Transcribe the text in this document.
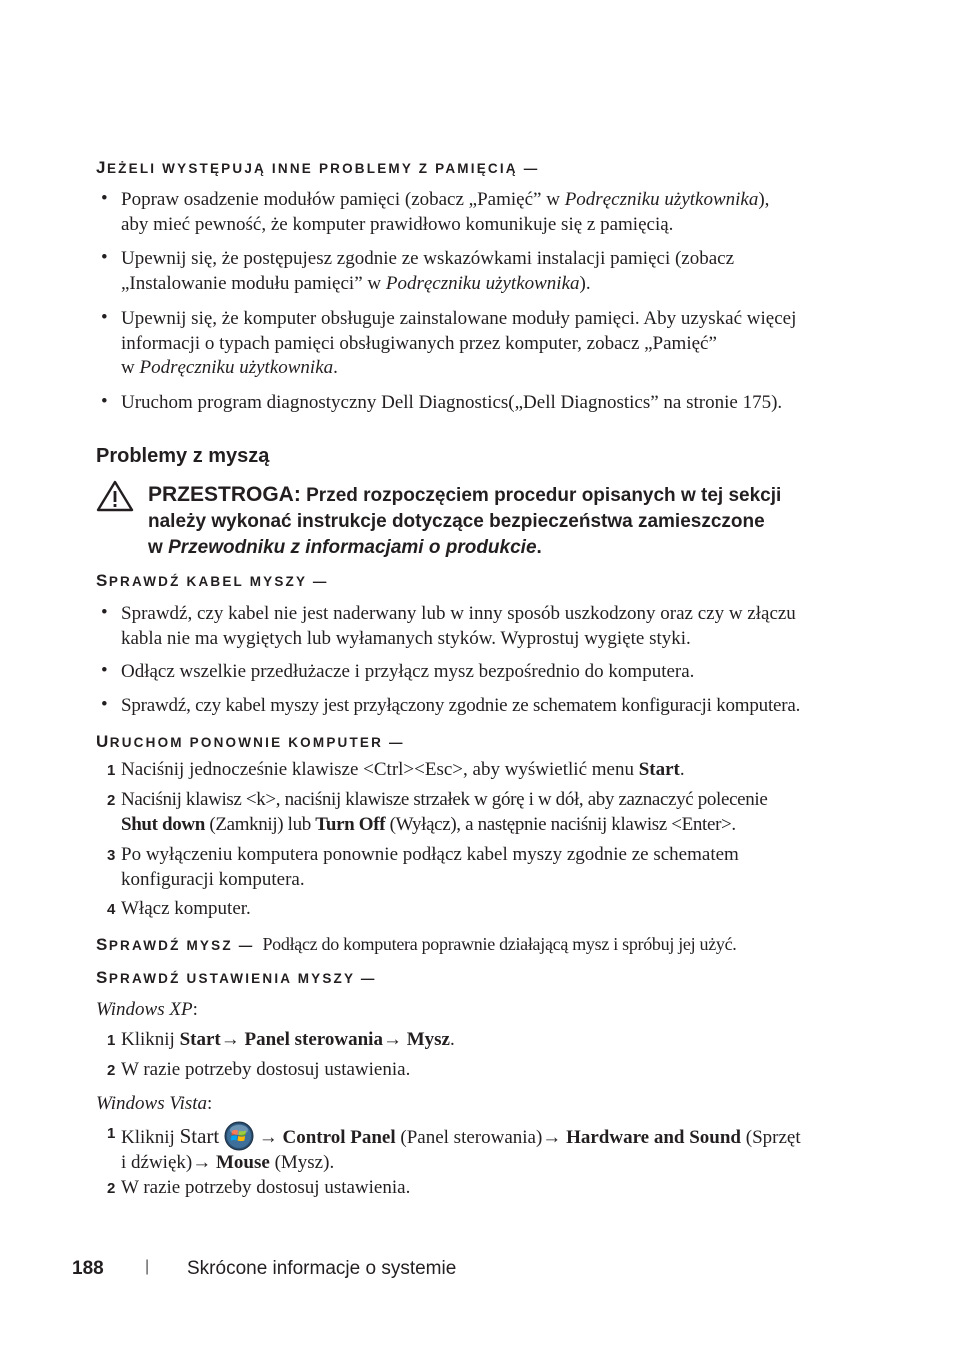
JEŻELI WYSTĘPUJĄ INNE PROBLEMY Z PAMIĘCIĄ —
• Popraw osadzenie modułów pamięci (zobacz „Pamięć” w Podręczniku użytkownika),
aby mieć pewność, że komputer prawidłowo komunikuje się z pamięcią.
• Upewnij się, że postępujesz zgodnie ze wskazówkami instalacji pamięci (zobacz
„Instalowanie modułu pamięci” w Podręczniku użytkownika).
• Upewnij się, że komputer obsługuje zainstalowane moduły pamięci. Aby uzyskać więcej
informacji o typach pamięci obsługiwanych przez komputer, zobacz „Pamięć”
w Podręczniku użytkownika.
• Uruchom program diagnostyczny Dell Diagnostics(„Dell Diagnostics” na stronie 175).
Problemy z myszą
PRZESTROGA: Przed rozpoczęciem procedur opisanych w tej sekcji
należy wykonać instrukcje dotyczące bezpieczeństwa zamieszczone
w Przewodniku z informacjami o produkcie.
SPRAWDŹ KABEL MYSZY —
• Sprawdź, czy kabel nie jest naderwany lub w inny sposób uszkodzony oraz czy w złączu
kabla nie ma wygiętych lub wyłamanych styków. Wyprostuj wygięte styki.
• Odłącz wszelkie przedłużacze i przyłącz mysz bezpośrednio do komputera.
• Sprawdź, czy kabel myszy jest przyłączony zgodnie ze schematem konfiguracji komputera.
URUCHOM PONOWNIE KOMPUTER —
1 Naciśnij jednocześnie klawisze <Ctrl><Esc>, aby wyświetlić menu Start.
2 Naciśnij klawisz <k>, naciśnij klawisze strzałek w górę i w dół, aby zaznaczyć polecenie
Shut down (Zamknij) lub Turn Off (Wyłącz), a następnie naciśnij klawisz <Enter>.
3 Po wyłączeniu komputera ponownie podłącz kabel myszy zgodnie ze schematem
konfiguracji komputera.
4 Włącz komputer.
SPRAWDŹ MYSZ — Podłącz do komputera poprawnie działającą mysz i spróbuj jej użyć.
SPRAWDŹ USTAWIENIA MYSZY —
Windows XP:
1 Kliknij Start→ Panel sterowania→ Mysz.
2 W razie potrzeby dostosuj ustawienia.
Windows Vista:
1 Kliknij Start  → Control Panel (Panel sterowania)→ Hardware and Sound (Sprzęt
i dźwięk)→ Mouse (Mysz).
2 W razie potrzeby dostosuj ustawienia.
188	| Skrócone informacje o systemie
